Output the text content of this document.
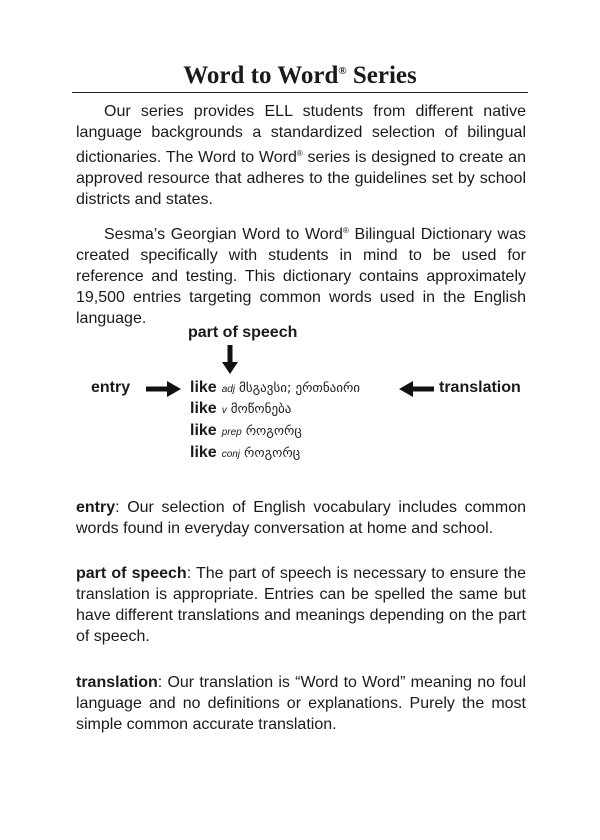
Word to Word® Series

Our series provides ELL students from different native language backgrounds a standardized selection of bilingual dictionaries. The Word to Word® series is designed to create an approved resource that adheres to the guidelines set by school districts and states.

Sesma’s Georgian Word to Word® Bilingual Dictionary was created specifically with students in mind to be used for reference and testing. This dictionary contains approximately 19,500 entries targeting common words used in the English language.

part of speech
entry	translation
like adj მსგავსი; ერთნაირი
like v მოწონება
like prep როგორც
like conj როგორც

entry: Our selection of English vocabulary includes common words found in everyday conversation at home and school.

part of speech: The part of speech is necessary to ensure the translation is appropriate. Entries can be spelled the same but have different translations and meanings depending on the part of speech.

translation: Our translation is “Word to Word” meaning no foul language and no definitions or explanations. Purely the most simple common accurate translation.
